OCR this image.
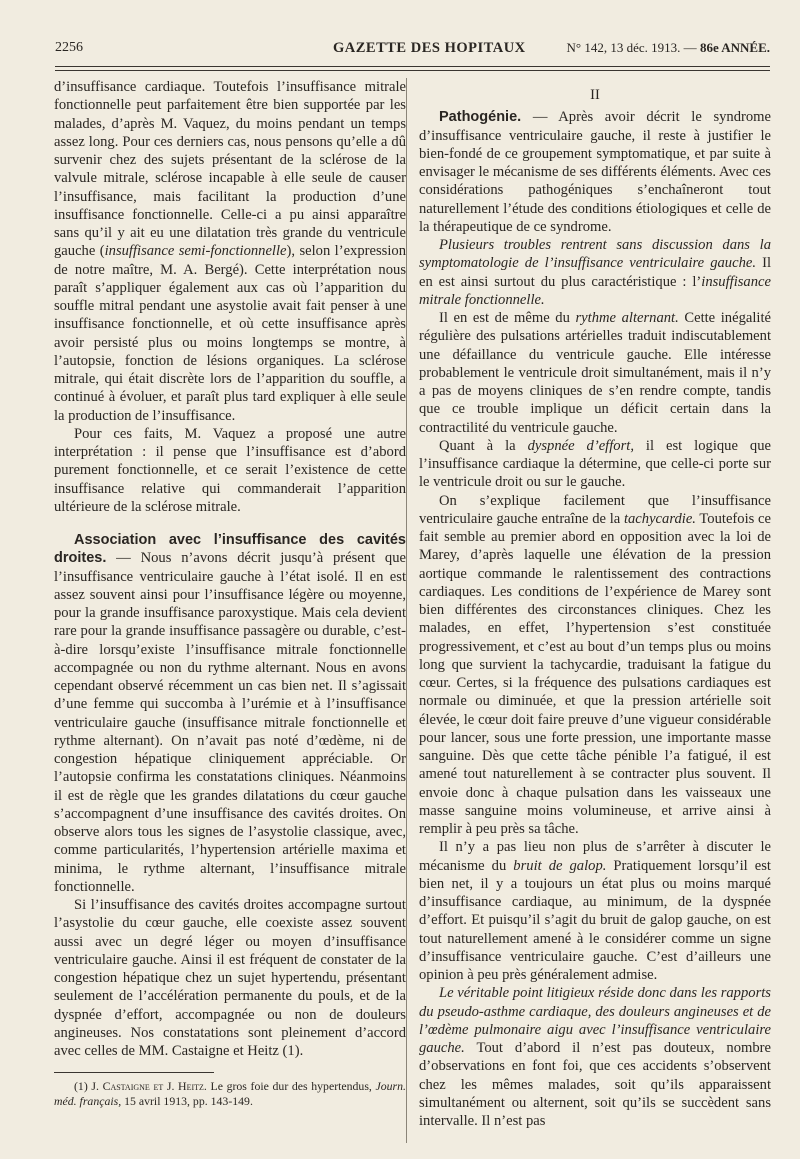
2256	GAZETTE DES HOPITAUX	N° 142, 13 déc. 1913. — 86e ANNÉE.

d’insuffisance cardiaque. Toutefois l’insuffisance mitrale fonctionnelle peut parfaitement être bien supportée par les malades, d’après M. Vaquez, du moins pendant un temps assez long. Pour ces derniers cas, nous pensons qu’elle a dû survenir chez des sujets présentant de la sclérose de la valvule mitrale, sclérose incapable à elle seule de causer l’insuffisance, mais facilitant la production d’une insuffisance fonctionnelle. Celle-ci a pu ainsi apparaître sans qu’il y ait eu une dilatation très grande du ventricule gauche (insuffisance semi-fonctionnelle), selon l’expression de notre maître, M. A. Bergé). Cette interprétation nous paraît s’appliquer également aux cas où l’apparition du souffle mitral pendant une asystolie avait fait penser à une insuffisance fonctionnelle, et où cette insuffisance après avoir persisté plus ou moins longtemps se montre, à l’autopsie, fonction de lésions organiques. La sclérose mitrale, qui était discrète lors de l’apparition du souffle, a continué à évoluer, et paraît plus tard expliquer à elle seule la production de l’insuffisance.

Pour ces faits, M. Vaquez a proposé une autre interprétation : il pense que l’insuffisance est d’abord purement fonctionnelle, et ce serait l’existence de cette insuffisance relative qui commanderait l’apparition ultérieure de la sclérose mitrale.

Association avec l’insuffisance des cavités droites. — Nous n’avons décrit jusqu’à présent que l’insuffisance ventriculaire gauche à l’état isolé. Il en est assez souvent ainsi pour l’insuffisance légère ou moyenne, pour la grande insuffisance paroxystique. Mais cela devient rare pour la grande insuffisance passagère ou durable, c’est-à-dire lorsqu’existe l’insuffisance mitrale fonctionnelle accompagnée ou non du rythme alternant. Nous en avons cependant observé récemment un cas bien net. Il s’agissait d’une femme qui succomba à l’urémie et à l’insuffisance ventriculaire gauche (insuffisance mitrale fonctionnelle et rythme alternant). On n’avait pas noté d’œdème, ni de congestion hépatique cliniquement appréciable. Or l’autopsie confirma les constatations cliniques. Néanmoins il est de règle que les grandes dilatations du cœur gauche s’accompagnent d’une insuffisance des cavités droites. On observe alors tous les signes de l’asystolie classique, avec, comme particularités, l’hypertension artérielle maxima et minima, le rythme alternant, l’insuffisance mitrale fonctionnelle.

Si l’insuffisance des cavités droites accompagne surtout l’asystolie du cœur gauche, elle coexiste assez souvent aussi avec un degré léger ou moyen d’insuffisance ventriculaire gauche. Ainsi il est fréquent de constater de la congestion hépatique chez un sujet hypertendu, présentant seulement de l’accélération permanente du pouls, et de la dyspnée d’effort, accompagnée ou non de douleurs angineuses. Nos constatations sont pleinement d’accord avec celles de MM. Castaigne et Heitz (1).

(1) J. Castaigne et J. Heitz. Le gros foie dur des hypertendus, Journ. méd. français, 15 avril 1913, pp. 143-149.

II

Pathogénie. — Après avoir décrit le syndrome d’insuffisance ventriculaire gauche, il reste à justifier le bien-fondé de ce groupement symptomatique, et par suite à envisager le mécanisme de ses différents éléments. Avec ces considérations pathogéniques s’enchaîneront tout naturellement l’étude des conditions étiologiques et celle de la thérapeutique de ce syndrome.

Plusieurs troubles rentrent sans discussion dans la symptomatologie de l’insuffisance ventriculaire gauche. Il en est ainsi surtout du plus caractéristique : l’insuffisance mitrale fonctionnelle.

Il en est de même du rythme alternant. Cette inégalité régulière des pulsations artérielles traduit indiscutablement une défaillance du ventricule gauche. Elle intéresse probablement le ventricule droit simultanément, mais il n’y a pas de moyens cliniques de s’en rendre compte, tandis que ce trouble implique un déficit certain dans la contractilité du ventricule gauche.

Quant à la dyspnée d’effort, il est logique que l’insuffisance cardiaque la détermine, que celle-ci porte sur le ventricule droit ou sur le gauche.

On s’explique facilement que l’insuffisance ventriculaire gauche entraîne de la tachycardie. Toutefois ce fait semble au premier abord en opposition avec la loi de Marey, d’après laquelle une élévation de la pression aortique commande le ralentissement des contractions cardiaques. Les conditions de l’expérience de Marey sont bien différentes des circonstances cliniques. Chez les malades, en effet, l’hypertension s’est constituée progressivement, et c’est au bout d’un temps plus ou moins long que survient la tachycardie, traduisant la fatigue du cœur. Certes, si la fréquence des pulsations cardiaques est normale ou diminuée, et que la pression artérielle soit élevée, le cœur doit faire preuve d’une vigueur considérable pour lancer, sous une forte pression, une importante masse sanguine. Dès que cette tâche pénible l’a fatigué, il est amené tout naturellement à se contracter plus souvent. Il envoie donc à chaque pulsation dans les vaisseaux une masse sanguine moins volumineuse, et arrive ainsi à remplir à peu près sa tâche.

Il n’y a pas lieu non plus de s’arrêter à discuter le mécanisme du bruit de galop. Pratiquement lorsqu’il est bien net, il y a toujours un état plus ou moins marqué d’insuffisance cardiaque, au minimum, de la dyspnée d’effort. Et puisqu’il s’agit du bruit de galop gauche, on est tout naturellement amené à le considérer comme un signe d’insuffisance ventriculaire gauche. C’est d’ailleurs une opinion à peu près généralement admise.

Le véritable point litigieux réside donc dans les rapports du pseudo-asthme cardiaque, des douleurs angineuses et de l’œdème pulmonaire aigu avec l’insuffisance ventriculaire gauche. Tout d’abord il n’est pas douteux, nombre d’observations en font foi, que ces accidents s’observent chez les mêmes malades, soit qu’ils apparaissent simultanément ou alternent, soit qu’ils se succèdent sans intervalle. Il n’est pas
